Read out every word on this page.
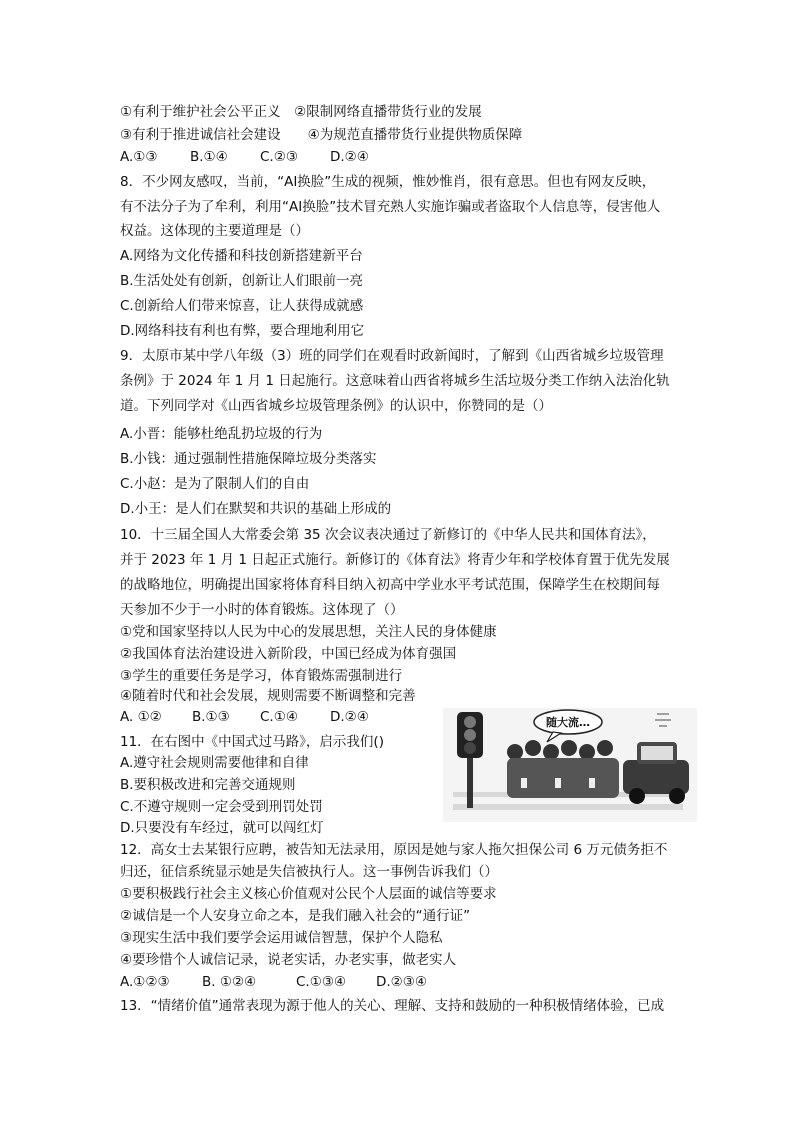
①有利于维护社会公平正义　②限制网络直播带货行业的发展
③有利于推进诚信社会建设　　④为规范直播带货行业提供物质保障
A.①③ B.①④ C.②③ D.②④
8．不少网友感叹，当前，“AI换脸”生成的视频，惟妙惟肖，很有意思。但也有网友反映，
有不法分子为了牟利，利用“AI换脸”技术冒充熟人实施诈骗或者盗取个人信息等，侵害他人
权益。这体现的主要道理是（）
A.网络为文化传播和科技创新搭建新平台
B.生活处处有创新，创新让人们眼前一亮
C.创新给人们带来惊喜，让人获得成就感
D.网络科技有利也有弊，要合理地利用它
9．太原市某中学八年级（3）班的同学们在观看时政新闻时，了解到《山西省城乡垃圾管理
条例》于 2024 年 1 月 1 日起施行。这意味着山西省将城乡生活垃圾分类工作纳入法治化轨
道。下列同学对《山西省城乡垃圾管理条例》的认识中，你赞同的是（）
A.小晋：能够杜绝乱扔垃圾的行为
B.小钱：通过强制性措施保障垃圾分类落实
C.小赵：是为了限制人们的自由
D.小王：是人们在默契和共识的基础上形成的
10．十三届全国人大常委会第 35 次会议表决通过了新修订的《中华人民共和国体育法》，
并于 2023 年 1 月 1 日起正式施行。新修订的《体育法》将青少年和学校体育置于优先发展
的战略地位，明确提出国家将体育科目纳入初高中学业水平考试范围，保障学生在校期间每
天参加不少于一小时的体育锻炼。这体现了（）
①党和国家坚持以人民为中心的发展思想，关注人民的身体健康
②我国体育法治建设进入新阶段，中国已经成为体育强国
③学生的重要任务是学习，体育锻炼需强制进行
④随着时代和社会发展，规则需要不断调整和完善
A. ①② B.①③ C.①④ D.②④
11．在右图中《中国式过马路》，启示我们()
A.遵守社会规则需要他律和自律
B.要积极改进和完善交通规则
C.不遵守规则一定会受到刑罚处罚
D.只要没有车经过，就可以闯红灯
随大流…
12．高女士去某银行应聘，被告知无法录用，原因是她与家人拖欠担保公司 6 万元债务拒不
归还，征信系统显示她是失信被执行人。这一事例告诉我们（）
①要积极践行社会主义核心价值观对公民个人层面的诚信等要求
②诚信是一个人安身立命之本，是我们融入社会的“通行证”
③现实生活中我们要学会运用诚信智慧，保护个人隐私
④要珍惜个人诚信记录，说老实话，办老实事，做老实人
A.①②③ B. ①②④	C.①③④ D.②③④
13．“情绪价值”通常表现为源于他人的关心、理解、支持和鼓励的一种积极情绪体验，已成
